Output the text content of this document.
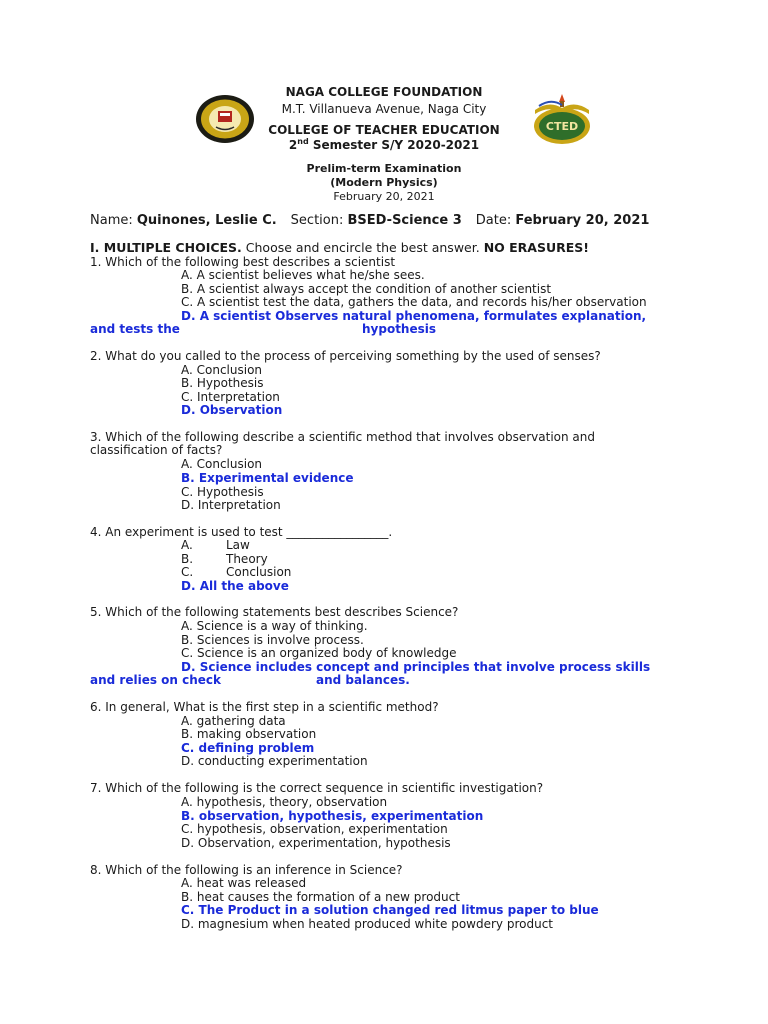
CTED
NAGA COLLEGE FOUNDATION
M.T. Villanueva Avenue, Naga City
COLLEGE OF TEACHER EDUCATION
2nd Semester S/Y 2020-2021
Prelim-term Examination
(Modern Physics)
February 20, 2021
Name: Quinones, Leslie C. Section: BSED-Science 3 Date: February 20, 2021
I. MULTIPLE CHOICES. Choose and encircle the best answer. NO ERASURES!
1. Which of the following best describes a scientist
A. A scientist believes what he/she sees.
B. A scientist always accept the condition of another scientist
C. A scientist test the data, gathers the data, and records his/her observation
D. A scientist Observes natural phenomena, formulates explanation,
and tests the	hypothesis
2. What do you called to the process of perceiving something by the used of senses?
A. Conclusion
B. Hypothesis
C. Interpretation
D. Observation
3. Which of the following describe a scientific method that involves observation and
classification of facts?
A. Conclusion
B. Experimental evidence
C. Hypothesis
D. Interpretation
4. An experiment is used to test _________________.
A.	Law
B.	Theory
C.	Conclusion
D. All the above
5. Which of the following statements best describes Science?
A. Science is a way of thinking.
B. Sciences is involve process.
C. Science is an organized body of knowledge
D. Science includes concept and principles that involve process skills
and relies on check	and balances.
6. In general, What is the first step in a scientific method?
A. gathering data
B. making observation
C. defining problem
D. conducting experimentation
7. Which of the following is the correct sequence in scientific investigation?
A. hypothesis, theory, observation
B. observation, hypothesis, experimentation
C. hypothesis, observation, experimentation
D. Observation, experimentation, hypothesis
8. Which of the following is an inference in Science?
A. heat was released
B. heat causes the formation of a new product
C. The Product in a solution changed red litmus paper to blue
D. magnesium when heated produced white powdery product
